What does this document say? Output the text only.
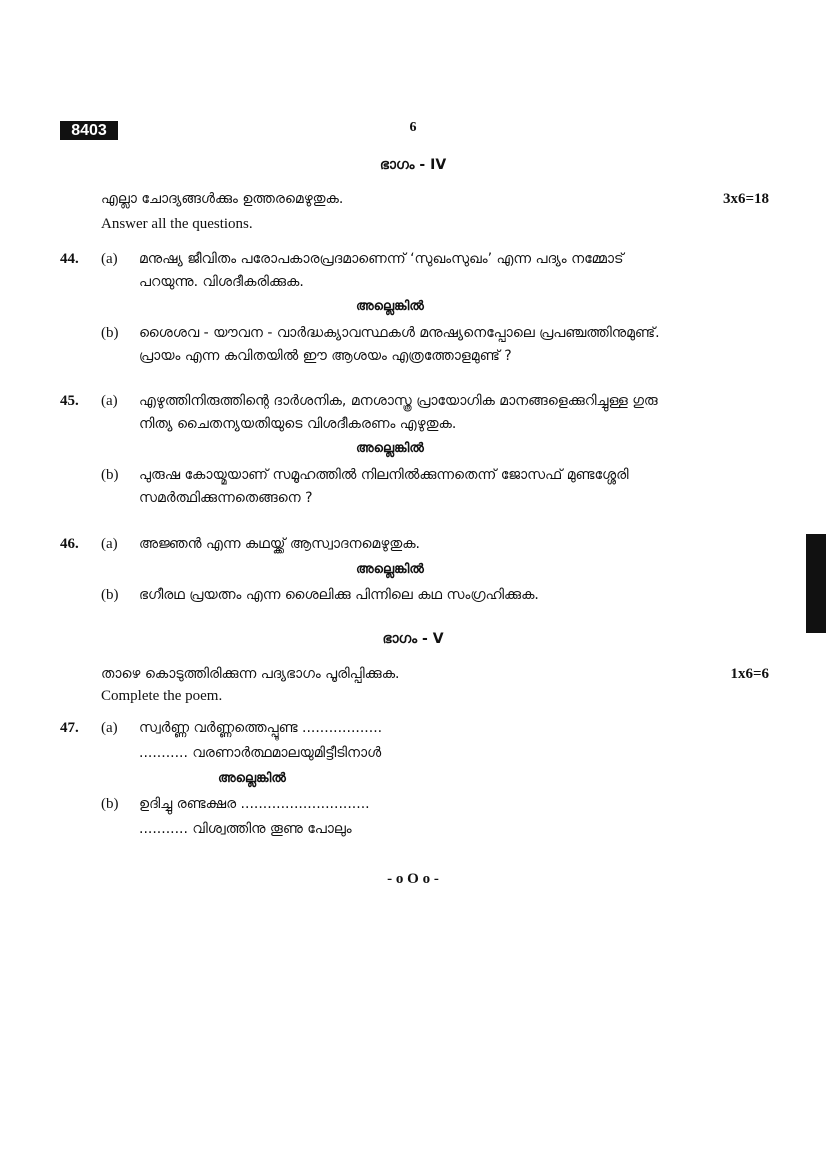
8403	6
ഭാഗം - IV
എല്ലാ ചോദ്യങ്ങൾക്കും ഉത്തരമെഴുതുക.	3x6=18
Answer all the questions.
44. (a) മനുഷ്യ ജീവിതം പരോപകാരപ്രദമാണെന്ന് ‘സുഖംസുഖം’ എന്ന പദ്യം നമ്മോട്
പറയുന്നു. വിശദീകരിക്കുക.
അല്ലെങ്കിൽ
(b) ശൈശവ - യൗവന - വാർദ്ധക്യാവസ്ഥകൾ മനുഷ്യനെപ്പോലെ പ്രപഞ്ചത്തിനുമുണ്ട്.
പ്രായം എന്ന കവിതയിൽ ഈ ആശയം എത്രത്തോളമുണ്ട് ?
45. (a) എഴുത്തിനിരുത്തിന്റെ ദാർശനിക, മനശാസ്ത്ര പ്രായോഗിക മാനങ്ങളെക്കുറിച്ചുള്ള ഗുരു
നിത്യ ചൈതന്യയതിയുടെ വിശദീകരണം എഴുതുക.
അല്ലെങ്കിൽ
(b) പുരുഷ കോയ്മയാണ് സമൂഹത്തിൽ നിലനിൽക്കുന്നതെന്ന് ജോസഫ് മുണ്ടശ്ശേരി
സമർത്ഥിക്കുന്നതെങ്ങനെ ?
46. (a) അജ്ഞൻ എന്ന കഥയ്ക്ക് ആസ്വാദനമെഴുതുക.
അല്ലെങ്കിൽ
(b) ഭഗീരഥ പ്രയത്നം എന്ന ശൈലിക്കു പിന്നിലെ കഥ സംഗ്രഹിക്കുക.
ഭാഗം - V
താഴെ കൊടുത്തിരിക്കുന്ന പദ്യഭാഗം പൂരിപ്പിക്കുക.	1x6=6
Complete the poem.
47. (a) സ്വർണ്ണ വർണ്ണത്തെപ്പൂണ്ട ..................
........... വരണാർത്ഥമാലയുമിട്ടീടിനാൾ
അല്ലെങ്കിൽ
(b) ഉദിച്ചു രണ്ടക്ഷര .............................
........... വിശ്വത്തിനു തൂണു പോലും
- o O o -
